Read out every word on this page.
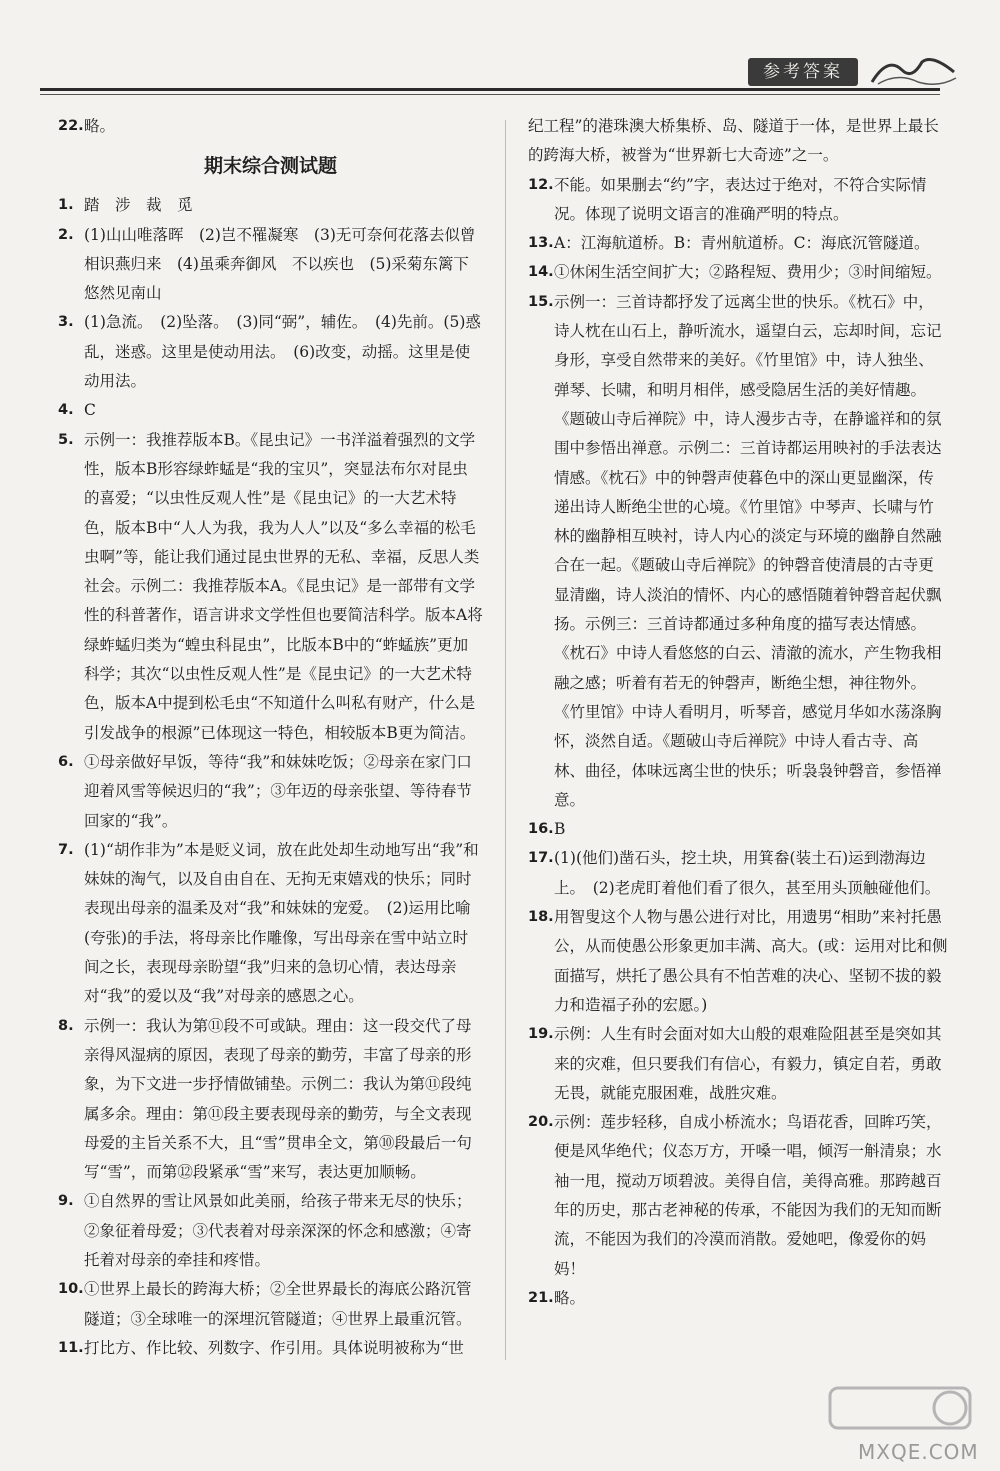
参考答案

22. 略。

期末综合测试题

1. 踏　涉　裁　觅

2. (1)山山唯落晖　(2)岂不罹凝寒　(3)无可奈何花落去似曾相识燕归来　(4)虽乘奔御风　不以疾也　(5)采菊东篱下　悠然见南山

3. (1)急流。　(2)坠落。　(3)同“弼”，辅佐。　(4)先前。(5)惑乱，迷惑。这里是使动用法。　(6)改变，动摇。这里是使动用法。

4. C

5. 示例一：我推荐版本B。《昆虫记》一书洋溢着强烈的文学性，版本B形容绿蚱蜢是“我的宝贝”，突显法布尔对昆虫的喜爱；“以虫性反观人性”是《昆虫记》的一大艺术特色，版本B中“人人为我，我为人人”以及“多么幸福的松毛虫啊”等，能让我们通过昆虫世界的无私、幸福，反思人类社会。示例二：我推荐版本A。《昆虫记》是一部带有文学性的科普著作，语言讲求文学性但也要简洁科学。版本A将绿蚱蜢归类为“蝗虫科昆虫”，比版本B中的“蚱蜢族”更加科学；其次“以虫性反观人性”是《昆虫记》的一大艺术特色，版本A中提到松毛虫“不知道什么叫私有财产，什么是引发战争的根源”已体现这一特色，相较版本B更为简洁。

6. ①母亲做好早饭，等待“我”和妹妹吃饭；②母亲在家门口迎着风雪等候迟归的“我”；③年迈的母亲张望、等待春节回家的“我”。

7. (1)“胡作非为”本是贬义词，放在此处却生动地写出“我”和妹妹的淘气，以及自由自在、无拘无束嬉戏的快乐；同时表现出母亲的温柔及对“我”和妹妹的宠爱。　(2)运用比喻(夸张)的手法，将母亲比作雕像，写出母亲在雪中站立时间之长，表现母亲盼望“我”归来的急切心情，表达母亲对“我”的爱以及“我”对母亲的感恩之心。

8. 示例一：我认为第⑪段不可或缺。理由：这一段交代了母亲得风湿病的原因，表现了母亲的勤劳，丰富了母亲的形象，为下文进一步抒情做铺垫。示例二：我认为第⑪段纯属多余。理由：第⑪段主要表现母亲的勤劳，与全文表现母爱的主旨关系不大，且“雪”贯串全文，第⑩段最后一句写“雪”，而第⑫段紧承“雪”来写，表达更加顺畅。

9. ①自然界的雪让风景如此美丽，给孩子带来无尽的快乐；②象征着母爱；③代表着对母亲深深的怀念和感激；④寄托着对母亲的牵挂和疼惜。

10. ①世界上最长的跨海大桥；②全世界最长的海底公路沉管隧道；③全球唯一的深埋沉管隧道；④世界上最重沉管。

11. 打比方、作比较、列数字、作引用。具体说明被称为“世

纪工程”的港珠澳大桥集桥、岛、隧道于一体，是世界上最长的跨海大桥，被誉为“世界新七大奇迹”之一。

12. 不能。如果删去“约”字，表达过于绝对，不符合实际情况。体现了说明文语言的准确严明的特点。

13. A：江海航道桥。B：青州航道桥。C：海底沉管隧道。

14. ①休闲生活空间扩大；②路程短、费用少；③时间缩短。

15. 示例一：三首诗都抒发了远离尘世的快乐。《枕石》中，诗人枕在山石上，静听流水，遥望白云，忘却时间，忘记身形，享受自然带来的美好。《竹里馆》中，诗人独坐、弹琴、长啸，和明月相伴，感受隐居生活的美好情趣。《题破山寺后禅院》中，诗人漫步古寺，在静谧祥和的氛围中参悟出禅意。示例二：三首诗都运用映衬的手法表达情感。《枕石》中的钟磬声使暮色中的深山更显幽深，传递出诗人断绝尘世的心境。《竹里馆》中琴声、长啸与竹林的幽静相互映衬，诗人内心的淡定与环境的幽静自然融合在一起。《题破山寺后禅院》的钟磬音使清晨的古寺更显清幽，诗人淡泊的情怀、内心的感悟随着钟磬音起伏飘扬。示例三：三首诗都通过多种角度的描写表达情感。《枕石》中诗人看悠悠的白云、清澈的流水，产生物我相融之感；听着有若无的钟磬声，断绝尘想，神往物外。《竹里馆》中诗人看明月，听琴音，感觉月华如水荡涤胸怀，淡然自适。《题破山寺后禅院》中诗人看古寺、高林、曲径，体味远离尘世的快乐；听袅袅钟磬音，参悟禅意。

16. B

17. (1)(他们)凿石头，挖土块，用箕畚(装土石)运到渤海边上。　(2)老虎盯着他们看了很久，甚至用头顶触碰他们。

18. 用智叟这个人物与愚公进行对比，用遗男“相助”来衬托愚公，从而使愚公形象更加丰满、高大。(或：运用对比和侧面描写，烘托了愚公具有不怕苦难的决心、坚韧不拔的毅力和造福子孙的宏愿。)

19. 示例：人生有时会面对如大山般的艰难险阻甚至是突如其来的灾难，但只要我们有信心，有毅力，镇定自若，勇敢无畏，就能克服困难，战胜灾难。

20. 示例：莲步轻移，自成小桥流水；鸟语花香，回眸巧笑，便是风华绝代；仪态万方，开嗓一唱，倾泻一斛清泉；水袖一甩，搅动万顷碧波。美得自信，美得高雅。那跨越百年的历史，那古老神秘的传承，不能因为我们的无知而断流，不能因为我们的冷漠而消散。爱她吧，像爱你的妈妈！

21. 略。

MXQE.COM
